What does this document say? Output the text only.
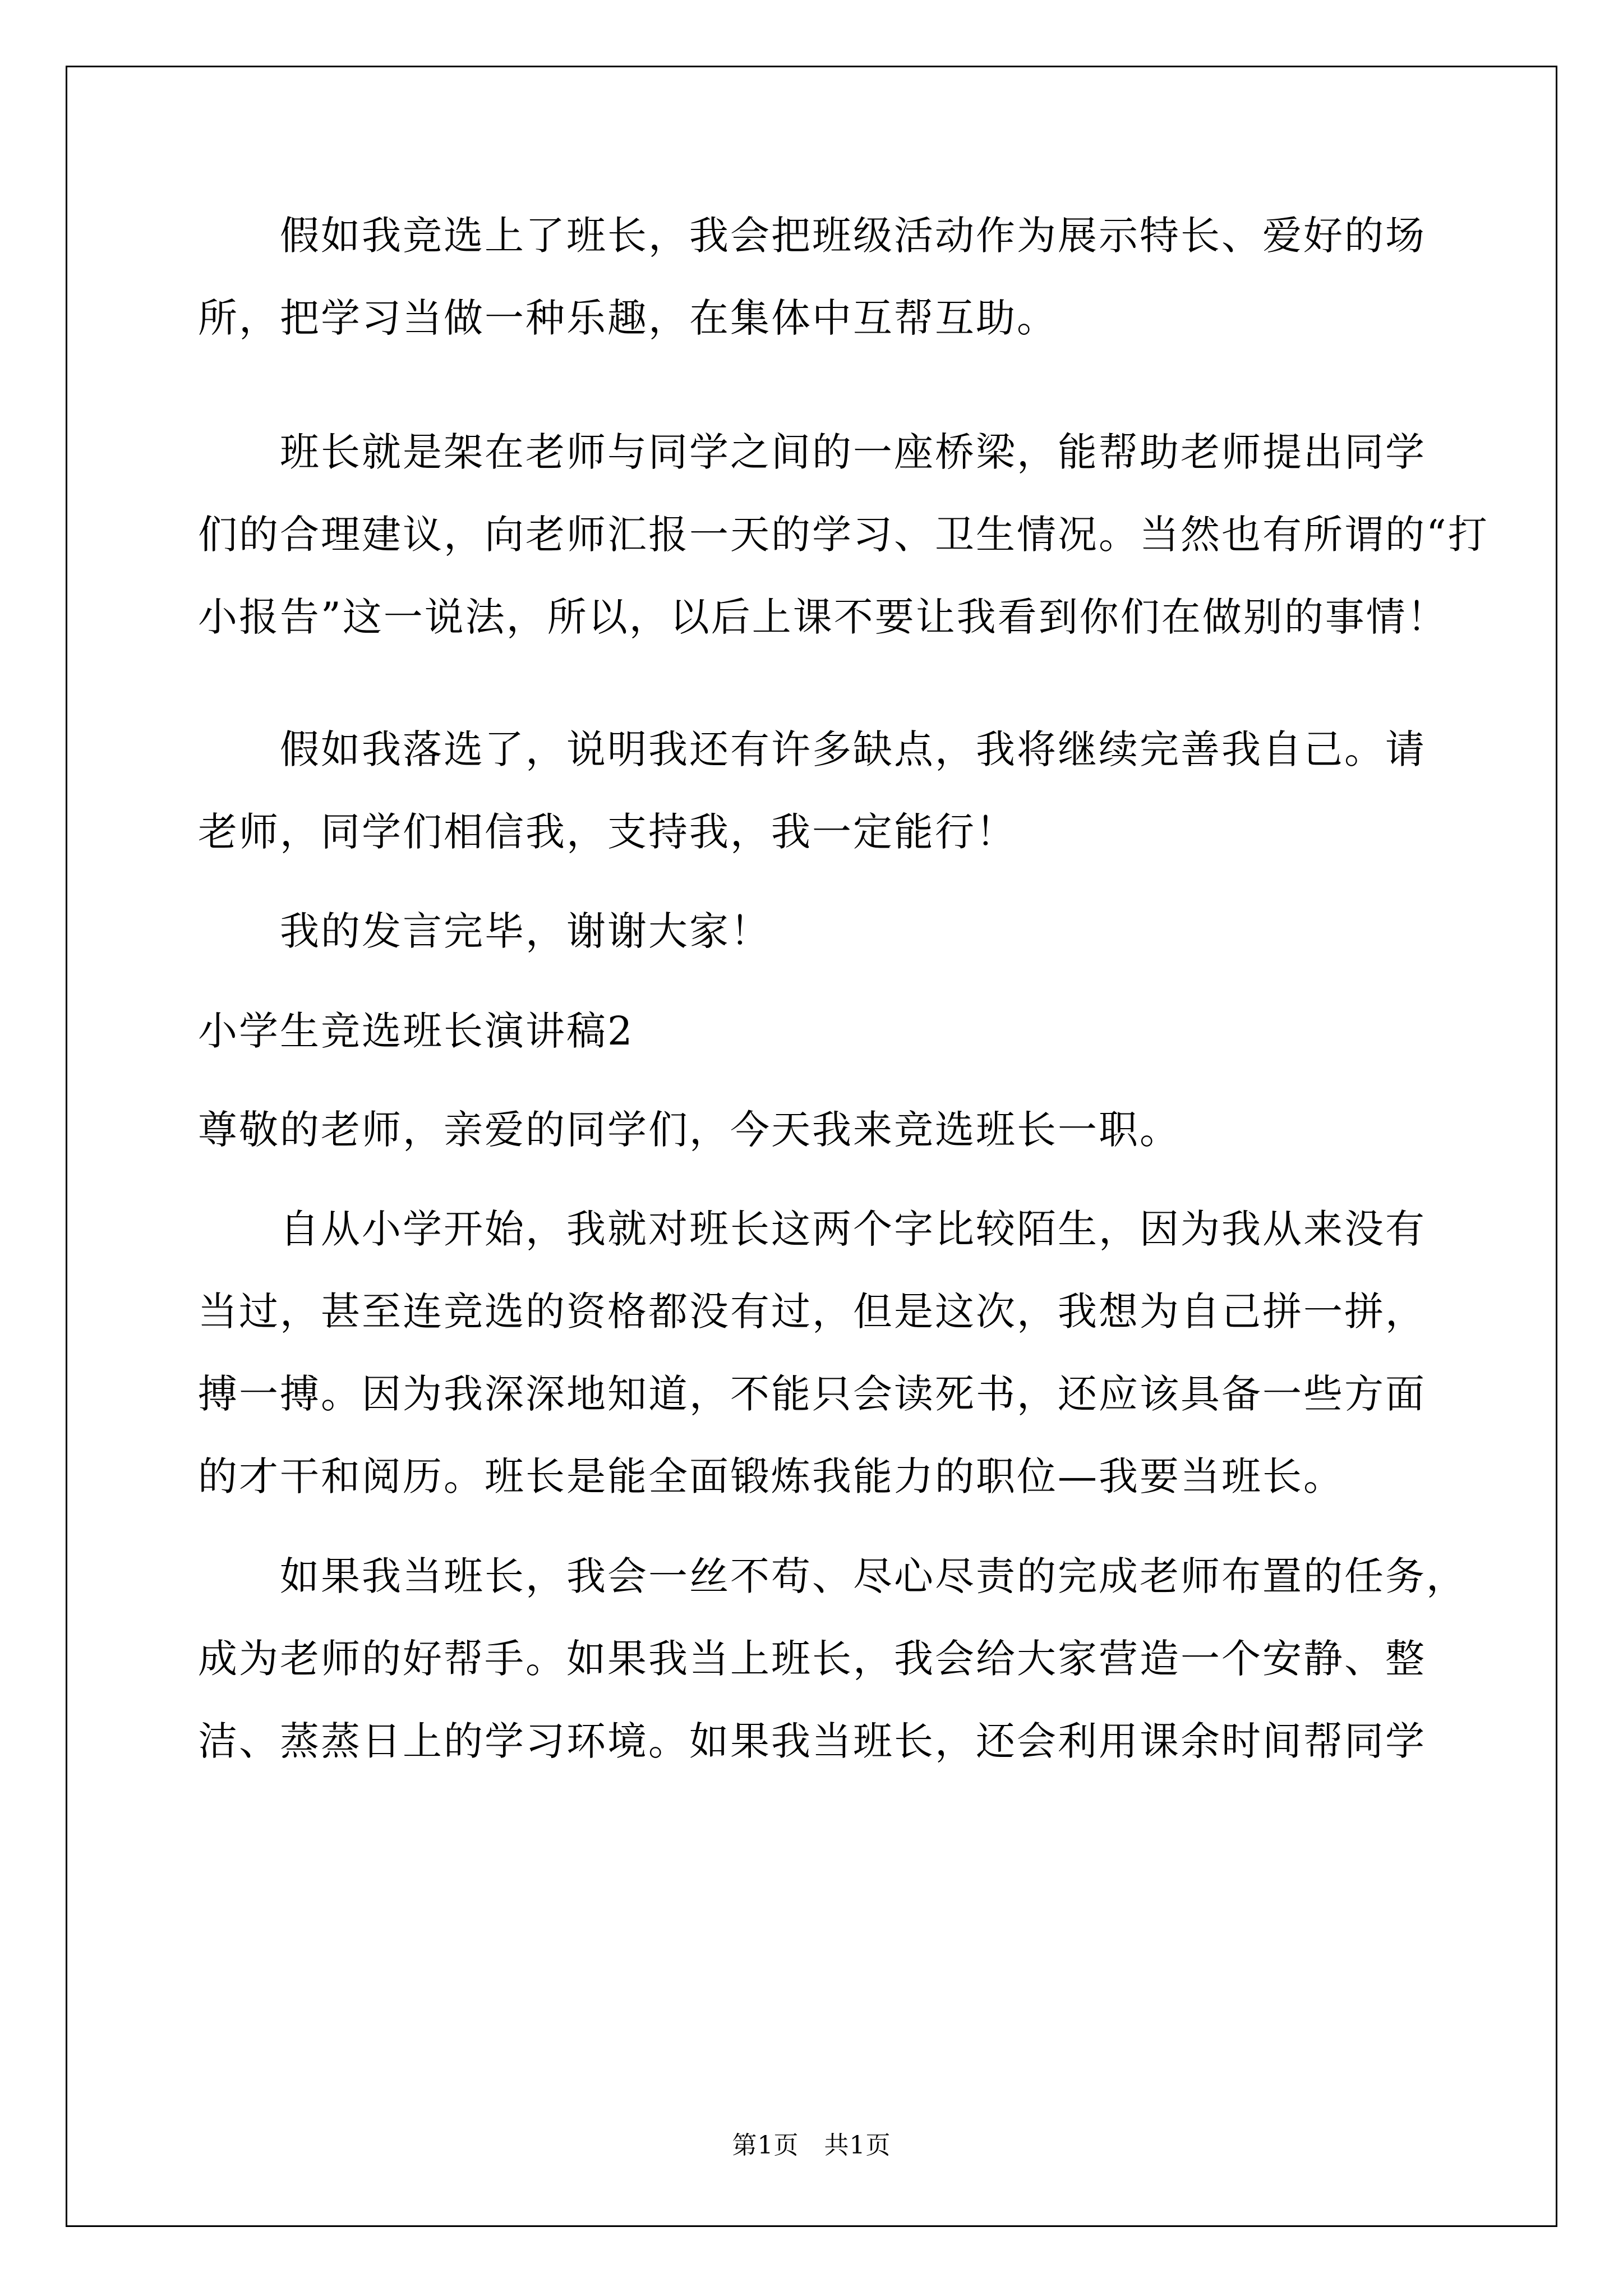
假如我竞选上了班长，我会把班级活动作为展示特长、爱好的场
所，把学习当做一种乐趣，在集体中互帮互助。
班长就是架在老师与同学之间的一座桥梁，能帮助老师提出同学
们的合理建议，向老师汇报一天的学习、卫生情况。当然也有所谓的“打
小报告”这一说法，所以，以后上课不要让我看到你们在做别的事情！
假如我落选了，说明我还有许多缺点，我将继续完善我自己。请
老师，同学们相信我，支持我，我一定能行！
我的发言完毕，谢谢大家！
小学生竞选班长演讲稿2
尊敬的老师，亲爱的同学们，今天我来竞选班长一职。
自从小学开始，我就对班长这两个字比较陌生，因为我从来没有
当过，甚至连竞选的资格都没有过，但是这次，我想为自己拼一拼，
搏一搏。因为我深深地知道，不能只会读死书，还应该具备一些方面
的才干和阅历。班长是能全面锻炼我能力的职位—我要当班长。
如果我当班长，我会一丝不苟、尽心尽责的完成老师布置的任务，
成为老师的好帮手。如果我当上班长，我会给大家营造一个安静、整
洁、蒸蒸日上的学习环境。如果我当班长，还会利用课余时间帮同学
第1页　共1页
